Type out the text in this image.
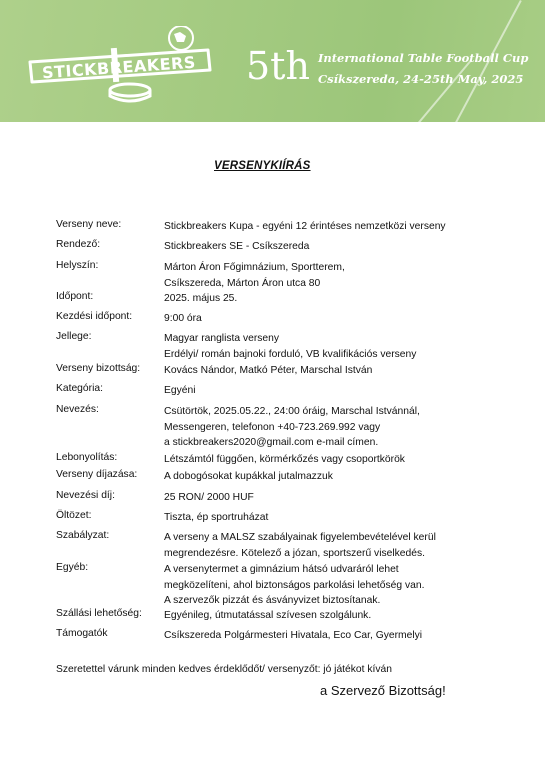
STICKBREAKERS	5th International Table Football Cup
Csíkszereda, 24-25th May, 2025
VERSENYKIÍRÁS
Verseny neve:	Stickbreakers Kupa - egyéni 12 érintéses nemzetközi verseny
Rendező:	Stickbreakers SE - Csíkszereda
Helyszín:	Márton Áron Főgimnázium, Sportterem,
Csíkszereda, Márton Áron utca 80
Időpont:	2025. május 25.
Kezdési időpont:	9:00 óra
Jellege:	Magyar ranglista verseny
Erdélyi/ román bajnoki forduló, VB kvalifikációs verseny
Verseny bizottság: Kovács Nándor, Matkó Péter, Marschal István
Kategória:	Egyéni
Nevezés:	Csütörtök, 2025.05.22., 24:00 óráig, Marschal Istvánnál,
Messengeren, telefonon +40-723.269.992 vagy
a stickbreakers2020@gmail.com e-mail címen.
Lebonyolítás:	Létszámtól függően, körmérkőzés vagy csoportkörök
Verseny díjazása:	A dobogósokat kupákkal jutalmazzuk
Nevezési díj:	25 RON/ 2000 HUF
Öltözet:	Tiszta, ép sportruházat
Szabályzat:	A verseny a MALSZ szabályainak figyelembevételével kerül
megrendezésre. Kötelező a józan, sportszerű viselkedés.
Egyéb:	A versenytermet a gimnázium hátsó udvaráról lehet
megközelíteni, ahol biztonságos parkolási lehetőség van.
A szervezők pizzát és ásványvizet biztosítanak.
Szállási lehetőség: Egyénileg, útmutatással szívesen szolgálunk.
Támogatók	Csíkszereda Polgármesteri Hivatala, Eco Car, Gyermelyi
Szeretettel várunk minden kedves érdeklődőt/ versenyzőt: jó játékot kíván
a Szervező Bizottság!
